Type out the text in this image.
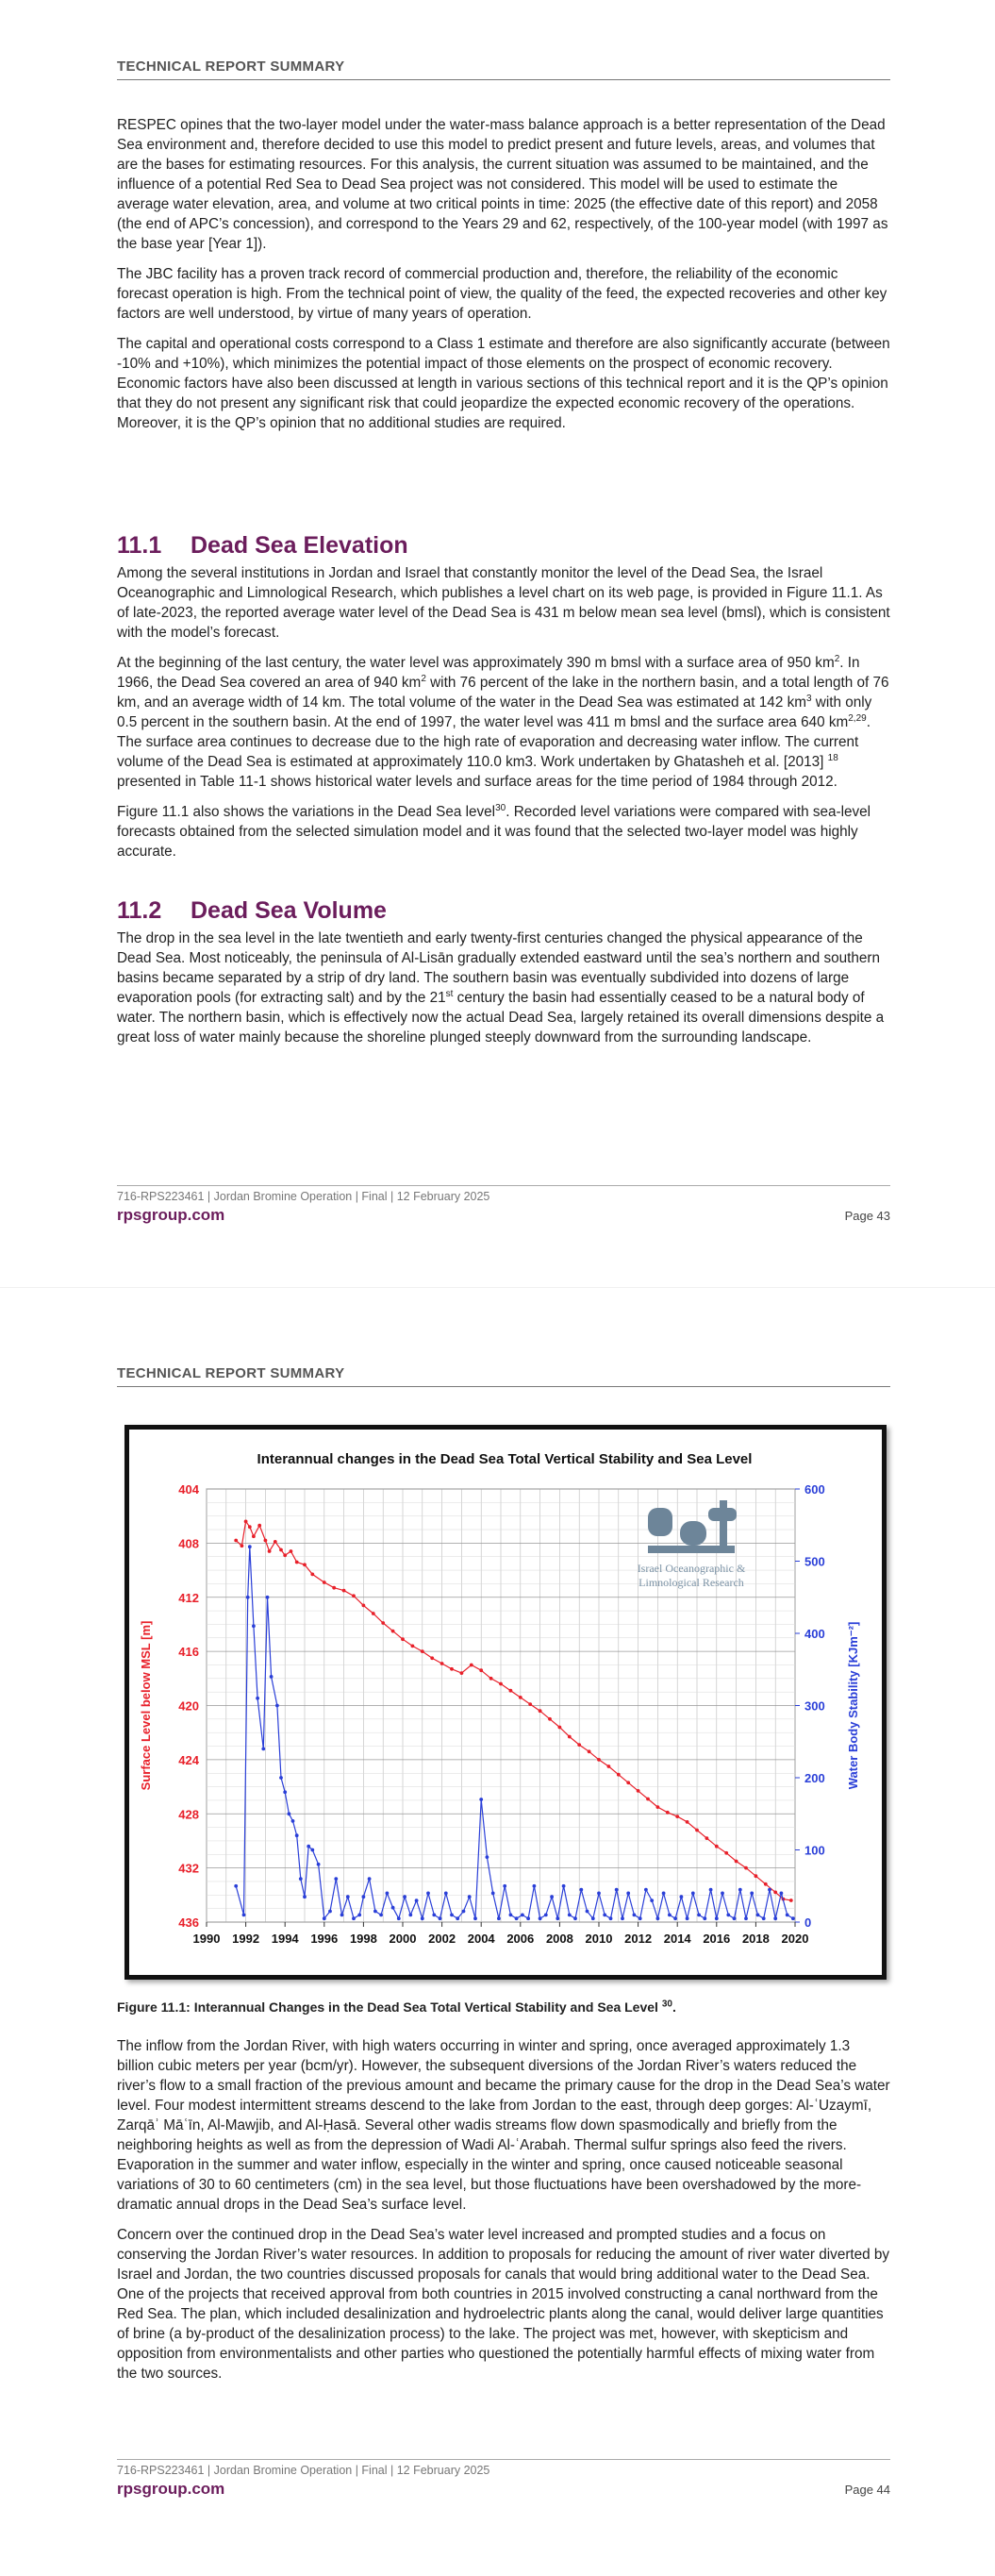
TECHNICAL REPORT SUMMARY

RESPEC opines that the two-layer model under the water-mass balance approach is a better representation of the Dead Sea environment and, therefore decided to use this model to predict present and future levels, areas, and volumes that are the bases for estimating resources. For this analysis, the current situation was assumed to be maintained, and the influence of a potential Red Sea to Dead Sea project was not considered. This model will be used to estimate the average water elevation, area, and volume at two critical points in time: 2025 (the effective date of this report) and 2058 (the end of APC’s concession), and correspond to the Years 29 and 62, respectively, of the 100-year model (with 1997 as the base year [Year 1]).

The JBC facility has a proven track record of commercial production and, therefore, the reliability of the economic forecast operation is high. From the technical point of view, the quality of the feed, the expected recoveries and other key factors are well understood, by virtue of many years of operation.

The capital and operational costs correspond to a Class 1 estimate and therefore are also significantly accurate (between -10% and +10%), which minimizes the potential impact of those elements on the prospect of economic recovery. Economic factors have also been discussed at length in various sections of this technical report and it is the QP’s opinion that they do not present any significant risk that could jeopardize the expected economic recovery of the operations. Moreover, it is the QP’s opinion that no additional studies are required.

11.1 Dead Sea Elevation

Among the several institutions in Jordan and Israel that constantly monitor the level of the Dead Sea, the Israel Oceanographic and Limnological Research, which publishes a level chart on its web page, is provided in Figure 11.1. As of late-2023, the reported average water level of the Dead Sea is 431 m below mean sea level (bmsl), which is consistent with the model’s forecast.

At the beginning of the last century, the water level was approximately 390 m bmsl with a surface area of 950 $km^2$. In 1966, the Dead Sea covered an area of 940 $km^2$ with 76 percent of the lake in the northern basin, and a total length of 76 km, and an average width of 14 km. The total volume of the water in the Dead Sea was estimated at 142 $km^3$ with only 0.5 percent in the southern basin. At the end of 1997, the water level was 411 m bmsl and the surface area 640 km$^{2,29}$. The surface area continues to decrease due to the high rate of evaporation and decreasing water inflow. The current volume of the Dead Sea is estimated at approximately 110.0 km3. Work undertaken by Ghatasheh et al. [2013] $^{18}$ presented in Table 11-1 shows historical water levels and surface areas for the time period of 1984 through 2012.

Figure 11.1 also shows the variations in the Dead Sea level$^{30}$. Recorded level variations were compared with sea-level forecasts obtained from the selected simulation model and it was found that the selected two-layer model was highly accurate.

11.2 Dead Sea Volume

The drop in the sea level in the late twentieth and early twenty-first centuries changed the physical appearance of the Dead Sea. Most noticeably, the peninsula of Al-Lisān gradually extended eastward until the sea’s northern and southern basins became separated by a strip of dry land. The southern basin was eventually subdivided into dozens of large evaporation pools (for extracting salt) and by the 21st century the basin had essentially ceased to be a natural body of water. The northern basin, which is effectively now the actual Dead Sea, largely retained its overall dimensions despite a great loss of water mainly because the shoreline plunged steeply downward from the surrounding landscape.

716-RPS223461 | Jordan Bromine Operation | Final | 12 February 2025
rpsgroup.com	Page 43
TECHNICAL REPORT SUMMARY
Interannual changes in the Dead Sea Total Vertical Stability and Sea Level
Israel Oceanographic &
Limnological Research
404
408
412
416
420
424
428
432
436	0
100
200
300
400
500
600
1990 1992 1994 1996 1998 2000 2002 2004 2006 2008 2010 2012 2014 2016 2018 2020
Surface Level below MSL [m]	Water Body Stability [KJm⁻²]
Figure 11.1: Interannual Changes in the Dead Sea Total Vertical Stability and Sea Level $^{30}$.

The inflow from the Jordan River, with high waters occurring in winter and spring, once averaged approximately 1.3 billion cubic meters per year (bcm/yr). However, the subsequent diversions of the Jordan River’s waters reduced the river’s flow to a small fraction of the previous amount and became the primary cause for the drop in the Dead Sea’s water level. Four modest intermittent streams descend to the lake from Jordan to the east, through deep gorges: Al-ʿUzaymī, Zarqāʾ Māʿīn, Al-Mawjib, and Al-Ḥasā. Several other wadis streams flow down spasmodically and briefly from the neighboring heights as well as from the depression of Wadi Al-ʿArabah. Thermal sulfur springs also feed the rivers. Evaporation in the summer and water inflow, especially in the winter and spring, once caused noticeable seasonal variations of 30 to 60 centimeters (cm) in the sea level, but those fluctuations have been overshadowed by the more-dramatic annual drops in the Dead Sea’s surface level.

Concern over the continued drop in the Dead Sea’s water level increased and prompted studies and a focus on conserving the Jordan River’s water resources. In addition to proposals for reducing the amount of river water diverted by Israel and Jordan, the two countries discussed proposals for canals that would bring additional water to the Dead Sea. One of the projects that received approval from both countries in 2015 involved constructing a canal northward from the Red Sea. The plan, which included desalinization and hydroelectric plants along the canal, would deliver large quantities of brine (a by-product of the desalinization process) to the lake. The project was met, however, with skepticism and opposition from environmentalists and other parties who questioned the potentially harmful effects of mixing water from the two sources.

716-RPS223461 | Jordan Bromine Operation | Final | 12 February 2025
rpsgroup.com	Page 44
